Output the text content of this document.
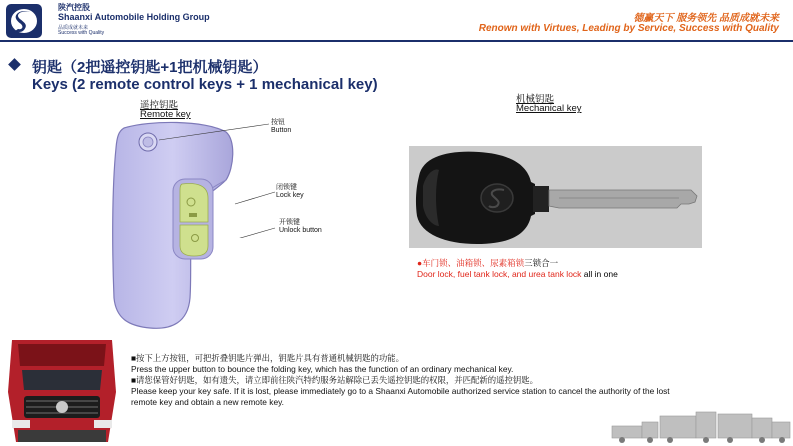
陕汽控股
Shaanxi Automobile Holding Group
品质成就未来
Success with Quality
德赢天下 服务领先 品质成就未来
Renown with Virtues, Leading by Service, Success with Quality
钥匙（2把遥控钥匙+1把机械钥匙）
Keys (2 remote control keys + 1 mechanical key)
遥控钥匙
Remote key
按钮
Button
闭锁键
Lock key
开锁键
Unlock button
机械钥匙
Mechanical key
●车门锁、油箱锁、尿素箱锁三锁合一
Door lock, fuel tank lock, and urea tank lock all in one
■按下上方按钮，可把折叠钥匙片弹出，钥匙片具有普通机械钥匙的功能。
Press the upper button to bounce the folding key, which has the function of an ordinary mechanical key.
■请您保管好钥匙，如有遗失，请立即前往陕汽特约服务站解除已丢失遥控钥匙的权限，并匹配新的遥控钥匙。
Please keep your key safe. If it is lost, please immediately go to a Shaanxi Automobile authorized service station to cancel the authority of the lost
remote key and obtain a new remote key.
